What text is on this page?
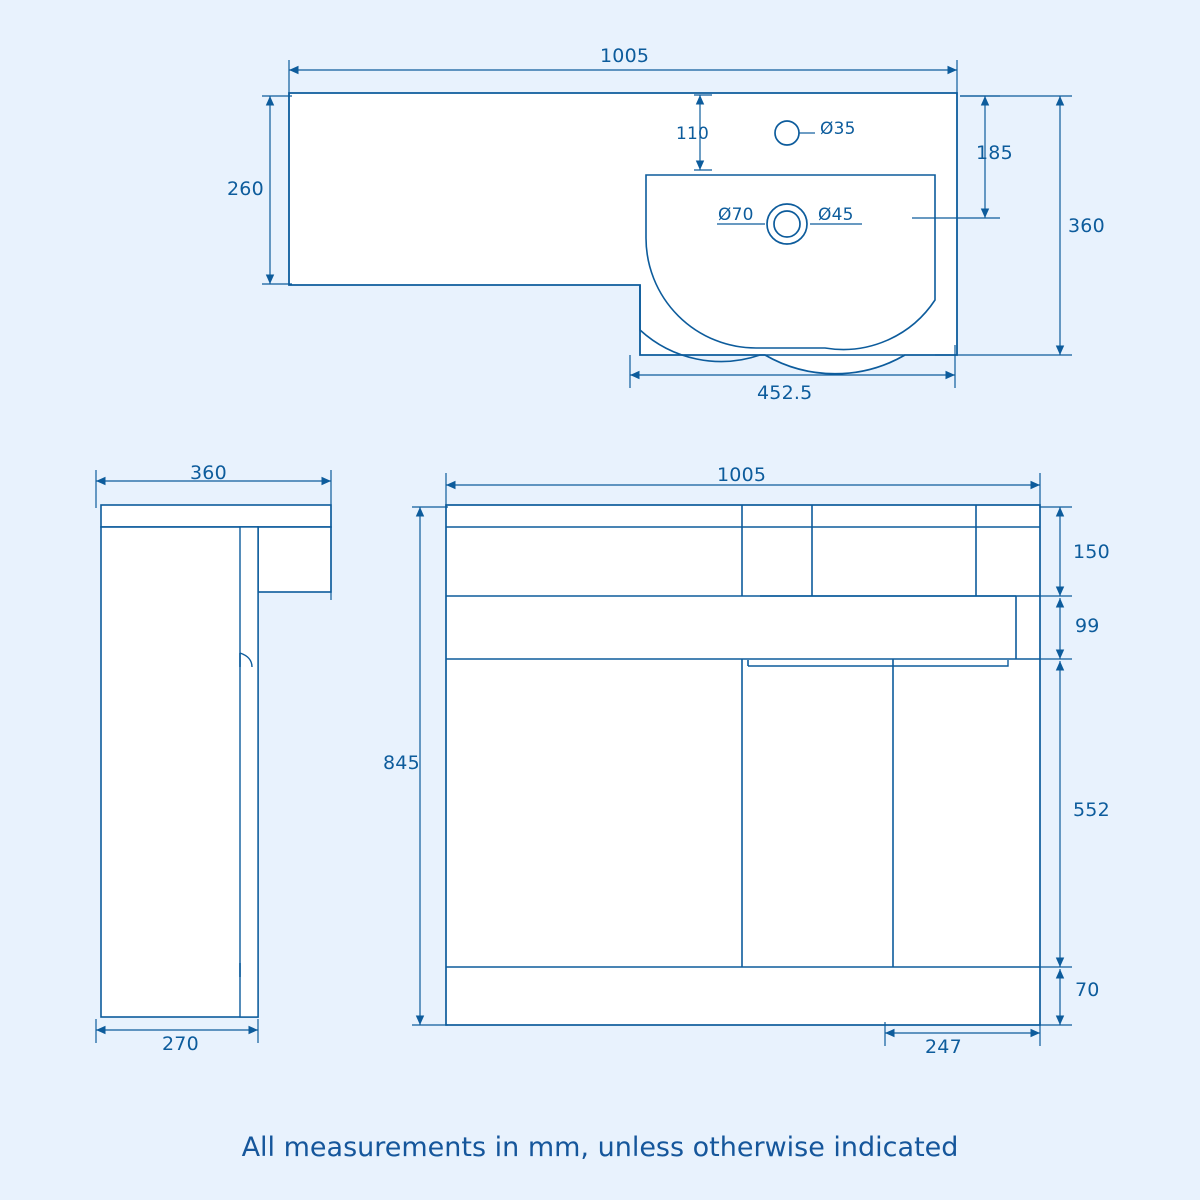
1005
260
110	Ø35
185
360
Ø70	Ø45
452.5
360
270
1005
845
150
99
552
70
247
All measurements in mm, unless otherwise indicated
